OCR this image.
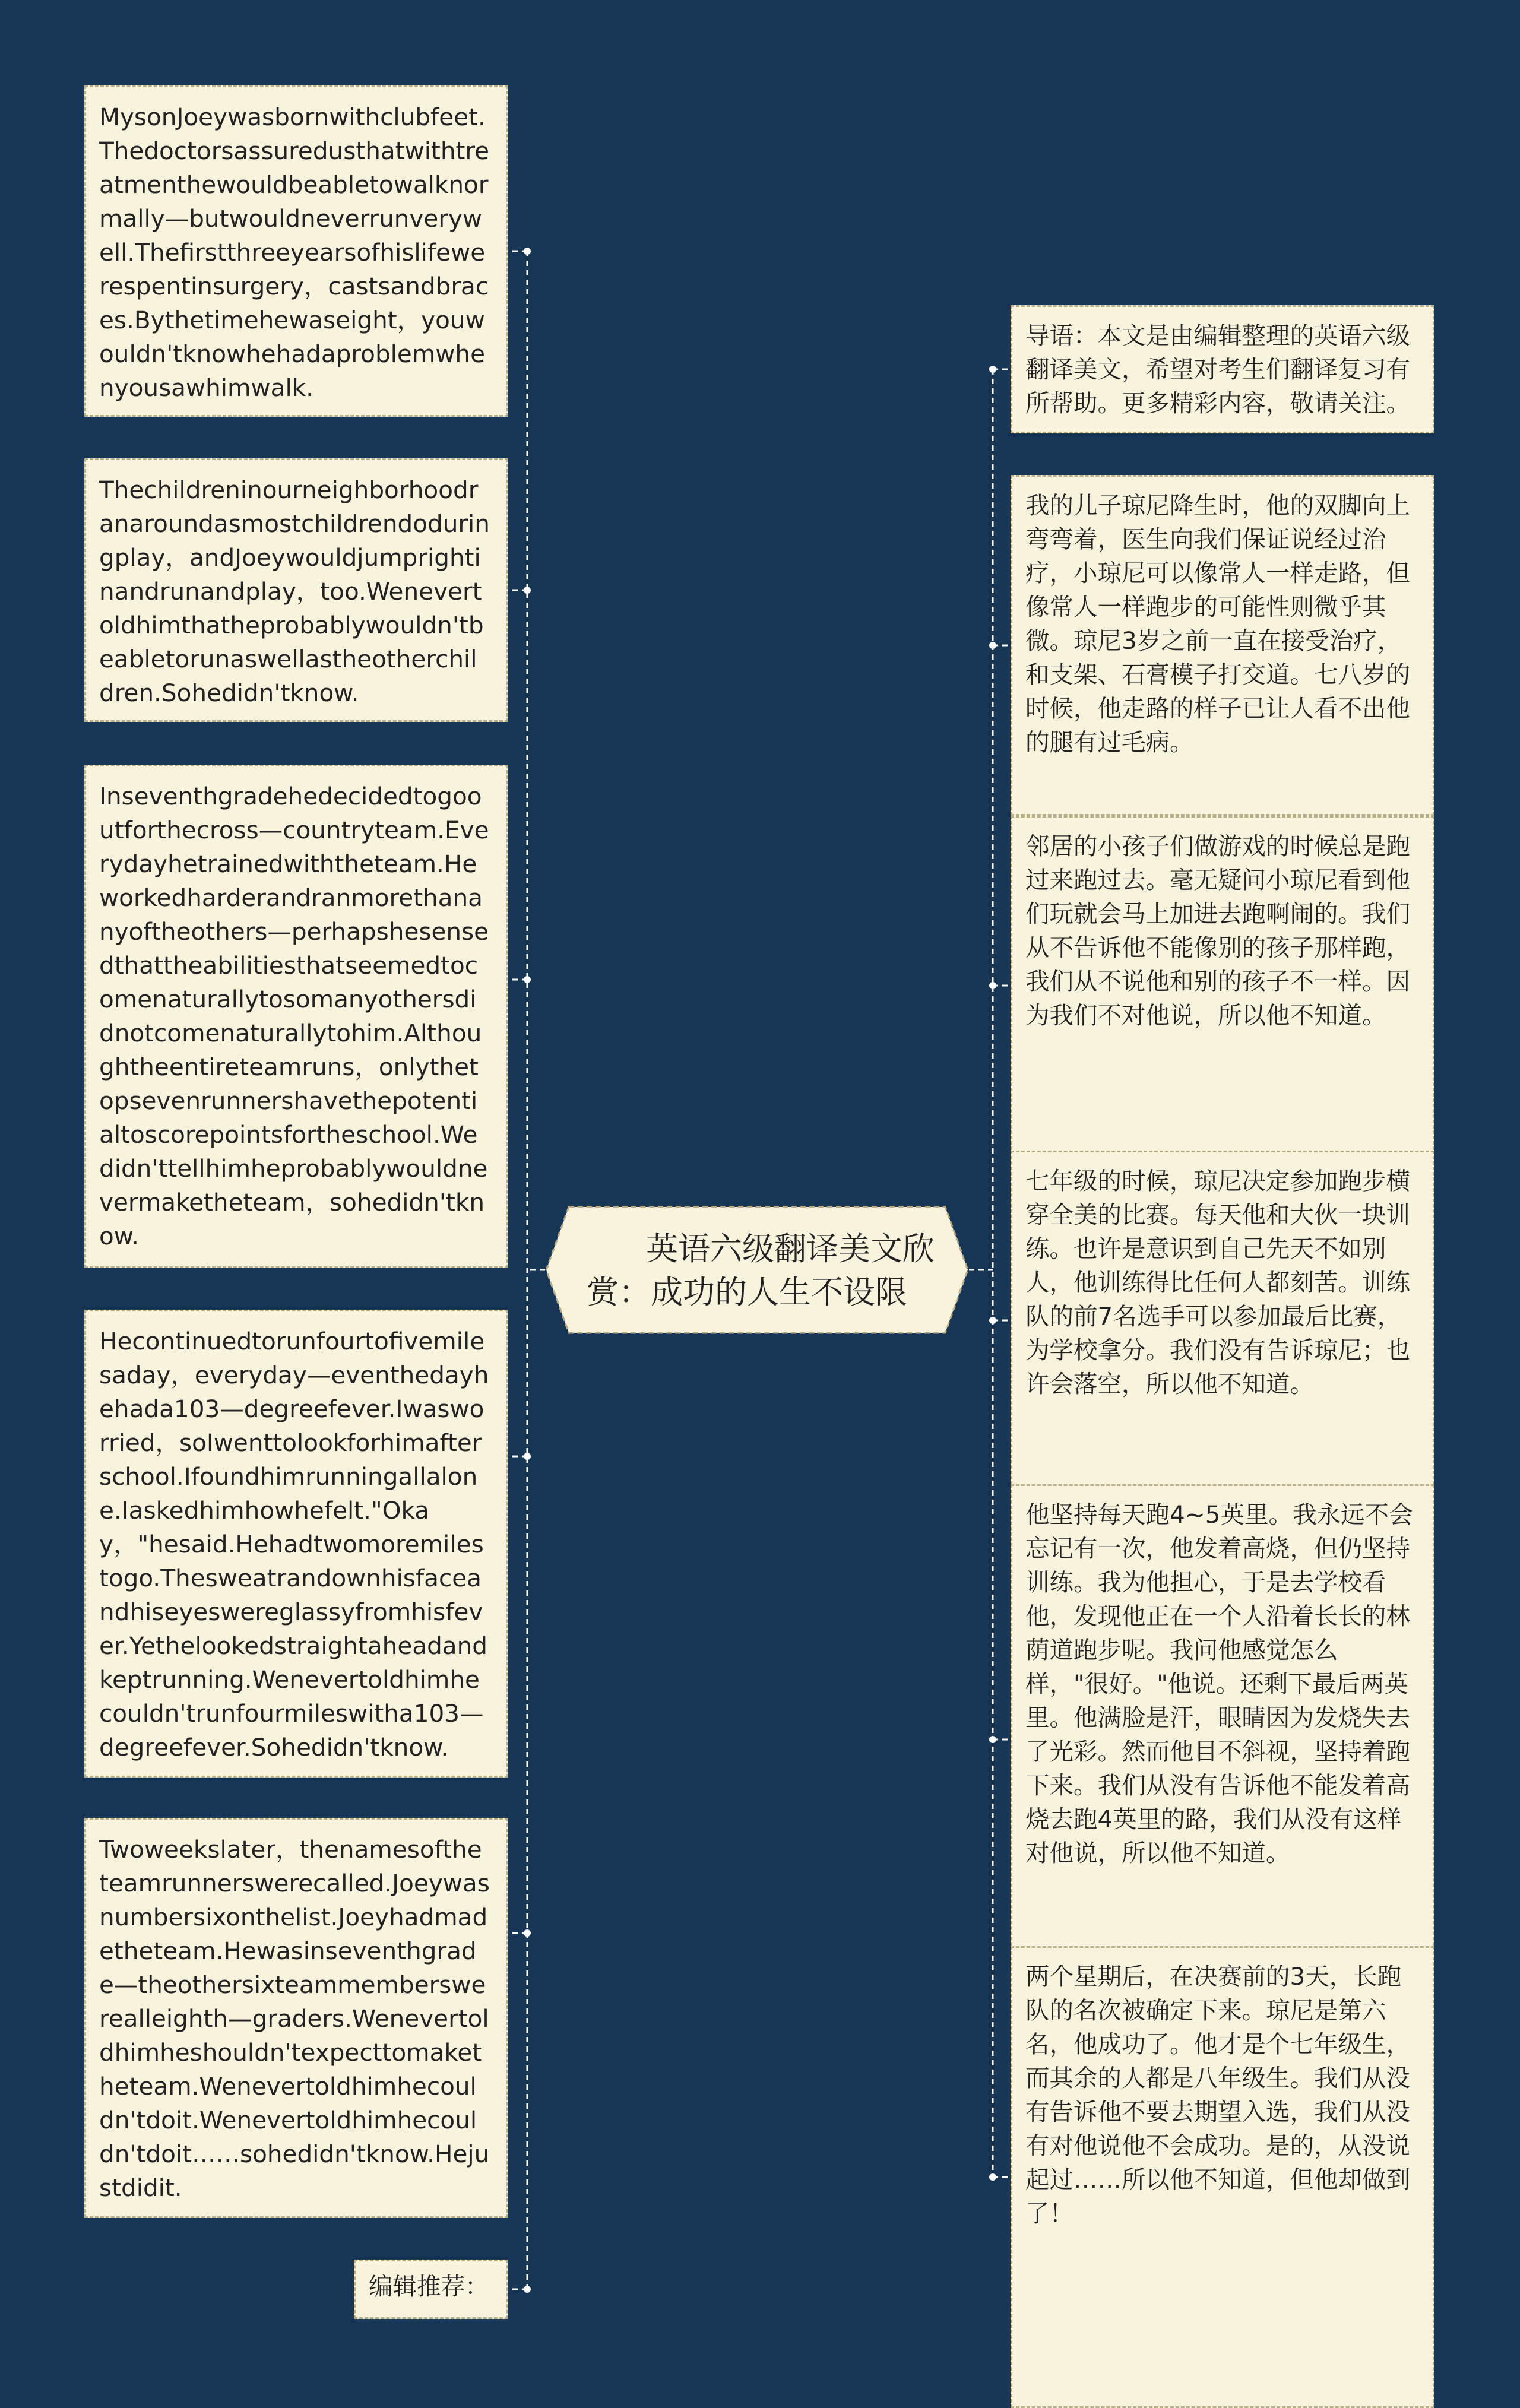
英语六级翻译美文欣赏：成功的人生不设限
MysonJoeywasbornwithclubfeet.Thedoctorsassuredusthatwithtreatmenthewouldbeabletowalknormally—butwouldneverrunverywell.Thefirstthreeyearsofhislifewerespentinsurgery，castsandbraces.Bythetimehewaseight，youwouldn'tknowhehadaproblemwhenyousawhimwalk.
Thechildreninourneighborhoodranaroundasmostchildrendoduringplay，andJoeywouldjumprightinandrunandplay，too.Wenevertoldhimthatheprobablywouldn'tbeabletorunaswellastheotherchildren.Sohedidn'tknow.
Inseventhgradehedecidedtogooutforthecross—countryteam.Everydayhetrainedwiththeteam.Heworkedharderandranmorethananyoftheothers—perhapshesensedthattheabilitiesthatseemedtocomenaturallytosomanyothersdidnotcomenaturallytohim.Althoughtheentireteamruns，onlythetopsevenrunnershavethepotentialtoscorepointsfortheschool.Wedidn'ttellhimheprobablywouldnevermaketheteam，sohedidn'tknow.
Hecontinuedtorunfourtofivemilesaday，everyday—eventhedayhehada103—degreefever.Iwasworried，soIwenttolookforhimafterschool.Ifoundhimrunningallalone.Iaskedhimhowhefelt."Okay，"hesaid.Hehadtwomoremilestogo.Thesweatrandownhisfaceandhiseyeswereglassyfromhisfever.Yethelookedstraightaheadandkeptrunning.Wenevertoldhimhecouldn'trunfourmileswitha103—degreefever.Sohedidn'tknow.
Twoweekslater，thenamesoftheteamrunnerswerecalled.Joeywasnumbersixonthelist.Joeyhadmadetheteam.Hewasinseventhgrade—theothersixteammemberswerealleighth—graders.Wenevertoldhimheshouldn'texpecttomaketheteam.Wenevertoldhimhecouldn'tdoit.Wenevertoldhimhecouldn'tdoit……sohedidn'tknow.Hejustdidit.
编辑推荐：
导语：本文是由编辑整理的英语六级翻译美文，希望对考生们翻译复习有所帮助。更多精彩内容，敬请关注。
我的儿子琼尼降生时，他的双脚向上弯弯着，医生向我们保证说经过治疗，小琼尼可以像常人一样走路，但像常人一样跑步的可能性则微乎其微。琼尼3岁之前一直在接受治疗，和支架、石膏模子打交道。七八岁的时候，他走路的样子已让人看不出他的腿有过毛病。
邻居的小孩子们做游戏的时候总是跑过来跑过去。毫无疑问小琼尼看到他们玩就会马上加进去跑啊闹的。我们从不告诉他不能像别的孩子那样跑，我们从不说他和别的孩子不一样。因为我们不对他说，所以他不知道。
七年级的时候，琼尼决定参加跑步横穿全美的比赛。每天他和大伙一块训练。也许是意识到自己先天不如别人，他训练得比任何人都刻苦。训练队的前7名选手可以参加最后比赛，为学校拿分。我们没有告诉琼尼；也许会落空，所以他不知道。
他坚持每天跑4~5英里。我永远不会忘记有一次，他发着高烧，但仍坚持训练。我为他担心，于是去学校看他，发现他正在一个人沿着长长的林荫道跑步呢。我问他感觉怎么样，"很好。"他说。还剩下最后两英里。他满脸是汗，眼睛因为发烧失去了光彩。然而他目不斜视，坚持着跑下来。我们从没有告诉他不能发着高烧去跑4英里的路，我们从没有这样对他说，所以他不知道。
两个星期后，在决赛前的3天，长跑队的名次被确定下来。琼尼是第六名，他成功了。他才是个七年级生，而其余的人都是八年级生。我们从没有告诉他不要去期望入选，我们从没有对他说他不会成功。是的，从没说起过……所以他不知道，但他却做到了！
